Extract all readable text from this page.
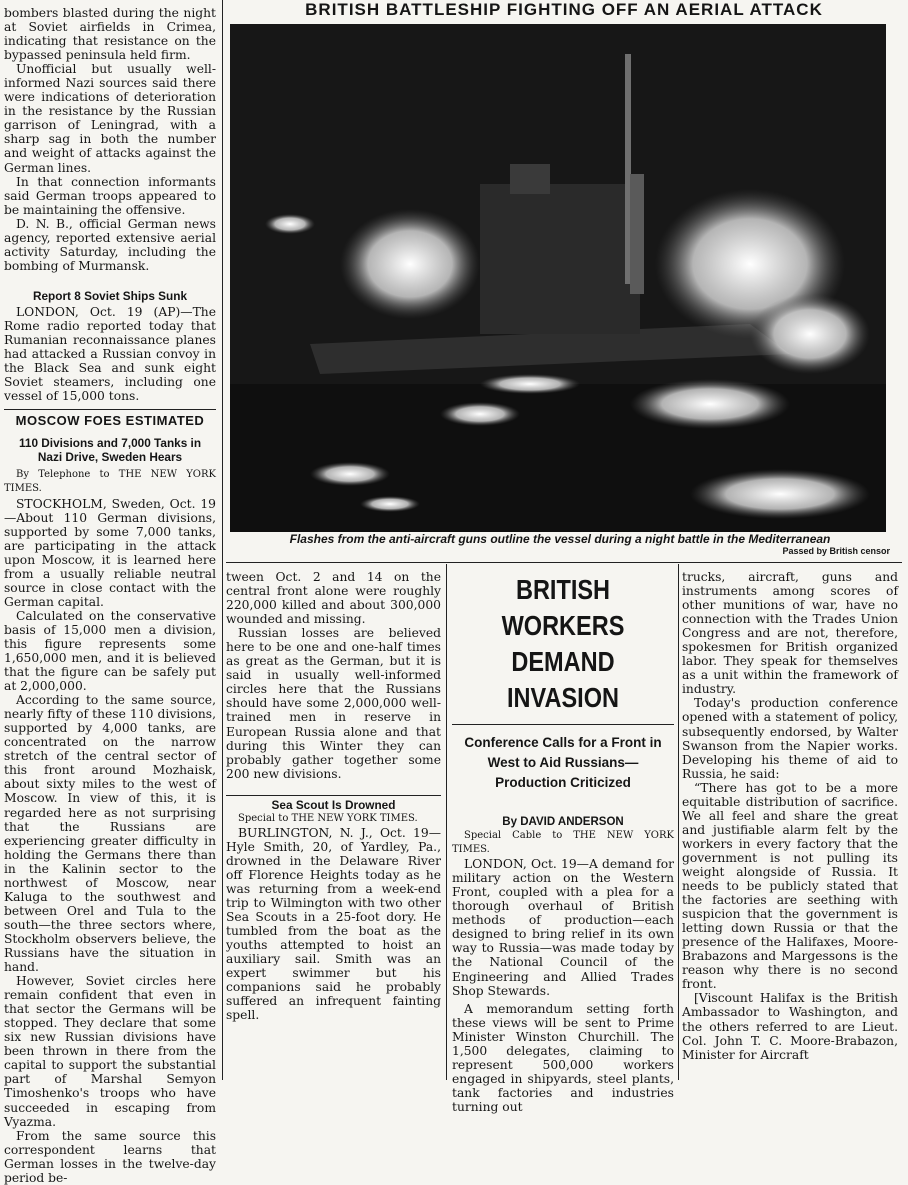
bombers blasted during the night at Soviet airfields in Crimea, indicating that resistance on the bypassed peninsula held firm.

Unofficial but usually well-informed Nazi sources said there were indications of deterioration in the resistance by the Russian garrison of Leningrad, with a sharp sag in both the number and weight of attacks against the German lines.

In that connection informants said German troops appeared to be maintaining the offensive.

D. N. B., official German news agency, reported extensive aerial activity Saturday, including the bombing of Murmansk.

Report 8 Soviet Ships Sunk

LONDON, Oct. 19 (AP)—The Rome radio reported today that Rumanian reconnaissance planes had attacked a Russian convoy in the Black Sea and sunk eight Soviet steamers, including one vessel of 15,000 tons.

MOSCOW FOES ESTIMATED
110 Divisions and 7,000 Tanks in Nazi Drive, Sweden Hears

By Telephone to THE NEW YORK TIMES.

STOCKHOLM, Sweden, Oct. 19—About 110 German divisions, supported by some 7,000 tanks, are participating in the attack upon Moscow, it is learned here from a usually reliable neutral source in close contact with the German capital.

Calculated on the conservative basis of 15,000 men a division, this figure represents some 1,650,000 men, and it is believed that the figure can be safely put at 2,000,000.

According to the same source, nearly fifty of these 110 divisions, supported by 4,000 tanks, are concentrated on the narrow stretch of the central sector of this front around Mozhaisk, about sixty miles to the west of Moscow. In view of this, it is regarded here as not surprising that the Russians are experiencing greater difficulty in holding the Germans there than in the Kalinin sector to the northwest of Moscow, near Kaluga to the southwest and between Orel and Tula to the south—the three sectors where, Stockholm observers believe, the Russians have the situation in hand.

However, Soviet circles here remain confident that even in that sector the Germans will be stopped. They declare that some six new Russian divisions have been thrown in there from the capital to support the substantial part of Marshal Semyon Timoshenko's troops who have succeeded in escaping from Vyazma.

From the same source this correspondent learns that German losses in the twelve-day period be-

BRITISH BATTLESHIP FIGHTING OFF AN AERIAL ATTACK
Flashes from the anti-aircraft guns outline the vessel during a night battle in the Mediterranean
Passed by British censor

tween Oct. 2 and 14 on the central front alone were roughly 220,000 killed and about 300,000 wounded and missing.

Russian losses are believed here to be one and one-half times as great as the German, but it is said in usually well-informed circles here that the Russians should have some 2,000,000 well-trained men in reserve in European Russia alone and that during this Winter they can probably gather together some 200 new divisions.

Sea Scout Is Drowned

Special to THE NEW YORK TIMES.

BURLINGTON, N. J., Oct. 19—Hyle Smith, 20, of Yardley, Pa., drowned in the Delaware River off Florence Heights today as he was returning from a week-end trip to Wilmington with two other Sea Scouts in a 25-foot dory. He tumbled from the boat as the youths attempted to hoist an auxiliary sail. Smith was an expert swimmer but his companions said he probably suffered an infrequent fainting spell.

BRITISH WORKERS
DEMAND INVASION
Conference Calls for a Front in West to Aid Russians—Production Criticized
By DAVID ANDERSON

Special Cable to THE NEW YORK TIMES.

LONDON, Oct. 19—A demand for military action on the Western Front, coupled with a plea for a thorough overhaul of British methods of production—each designed to bring relief in its own way to Russia—was made today by the National Council of the Engineering and Allied Trades Shop Stewards.

A memorandum setting forth these views will be sent to Prime Minister Winston Churchill. The 1,500 delegates, claiming to represent 500,000 workers engaged in shipyards, steel plants, tank factories and industries turning out

trucks, aircraft, guns and instruments among scores of other munitions of war, have no connection with the Trades Union Congress and are not, therefore, spokesmen for British organized labor. They speak for themselves as a unit within the framework of industry.

Today's production conference opened with a statement of policy, subsequently endorsed, by Walter Swanson from the Napier works. Developing his theme of aid to Russia, he said:

“There has got to be a more equitable distribution of sacrifice. We all feel and share the great and justifiable alarm felt by the workers in every factory that the government is not pulling its weight alongside of Russia. It needs to be publicly stated that the factories are seething with suspicion that the government is letting down Russia or that the presence of the Halifaxes, Moore-Brabazons and Margessons is the reason why there is no second front.

[Viscount Halifax is the British Ambassador to Washington, and the others referred to are Lieut. Col. John T. C. Moore-Brabazon, Minister for Aircraft
